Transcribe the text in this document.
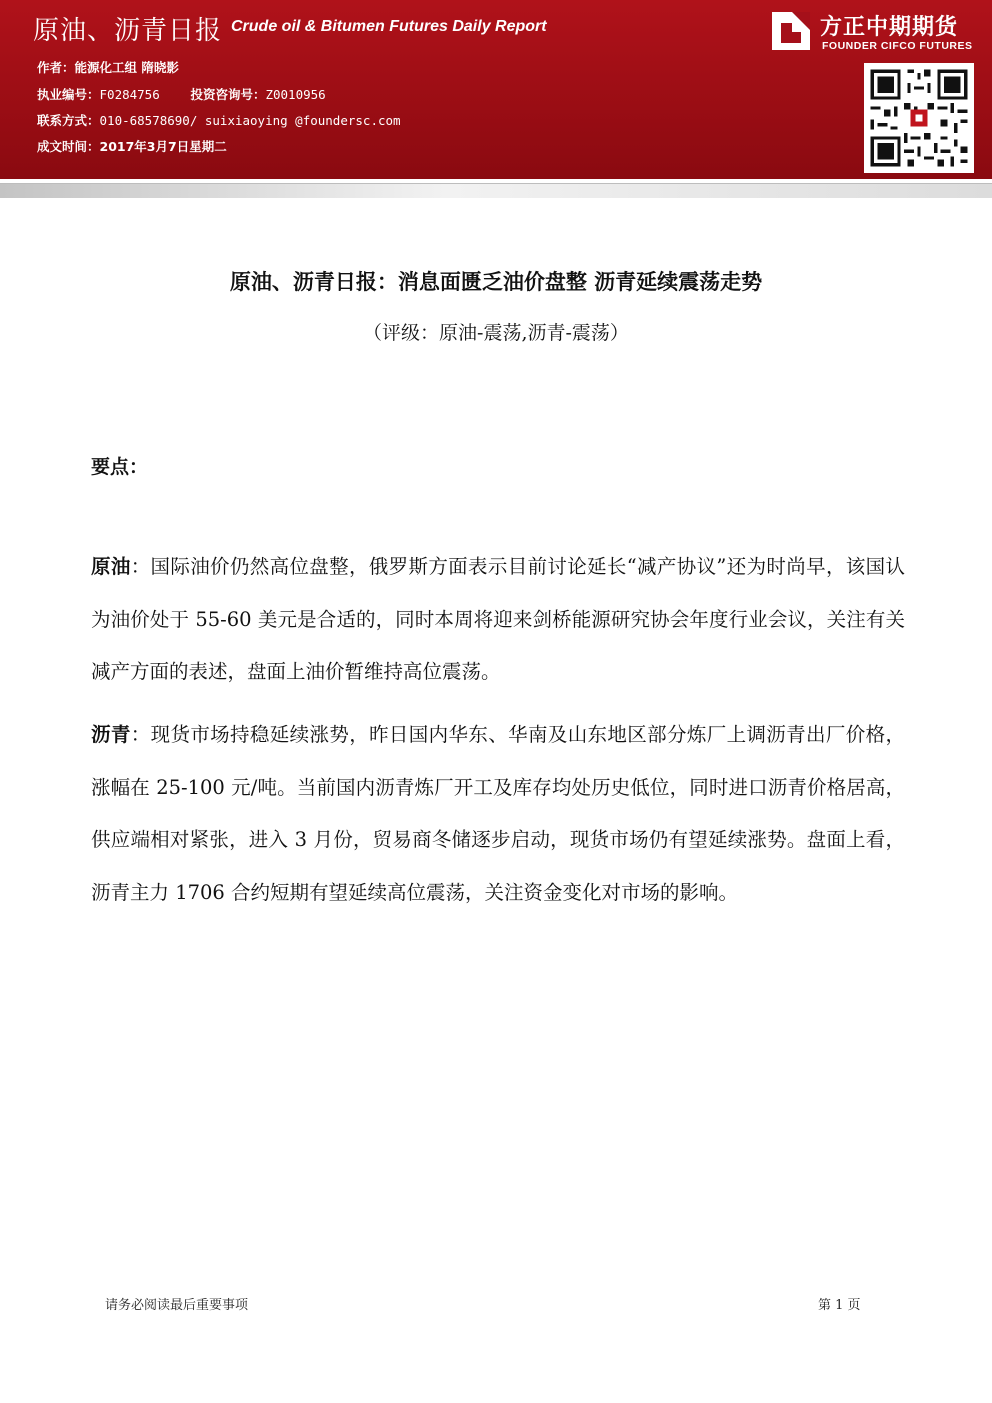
原油、沥青日报 Crude oil & Bitumen Futures Daily Report
作者：能源化工组 隋晓影
执业编号：F0284756 投资咨询号：Z0010956
联系方式：010-68578690/ suixiaoying @foundersc.com
成文时间：2017年3月7日星期二
方正中期期货
FOUNDER CIFCO FUTURES
原油、沥青日报：消息面匮乏油价盘整 沥青延续震荡走势
（评级：原油-震荡,沥青-震荡）
要点：
原油：国际油价仍然高位盘整，俄罗斯方面表示目前讨论延长“减产协议”还为时尚早，该国认为油价处于 55-60 美元是合适的，同时本周将迎来剑桥能源研究协会年度行业会议，关注有关减产方面的表述，盘面上油价暂维持高位震荡。
沥青：现货市场持稳延续涨势，昨日国内华东、华南及山东地区部分炼厂上调沥青出厂价格，涨幅在 25-100 元/吨。当前国内沥青炼厂开工及库存均处历史低位，同时进口沥青价格居高，供应端相对紧张，进入 3 月份，贸易商冬储逐步启动，现货市场仍有望延续涨势。盘面上看，沥青主力 1706 合约短期有望延续高位震荡，关注资金变化对市场的影响。
请务必阅读最后重要事项	第 1 页
